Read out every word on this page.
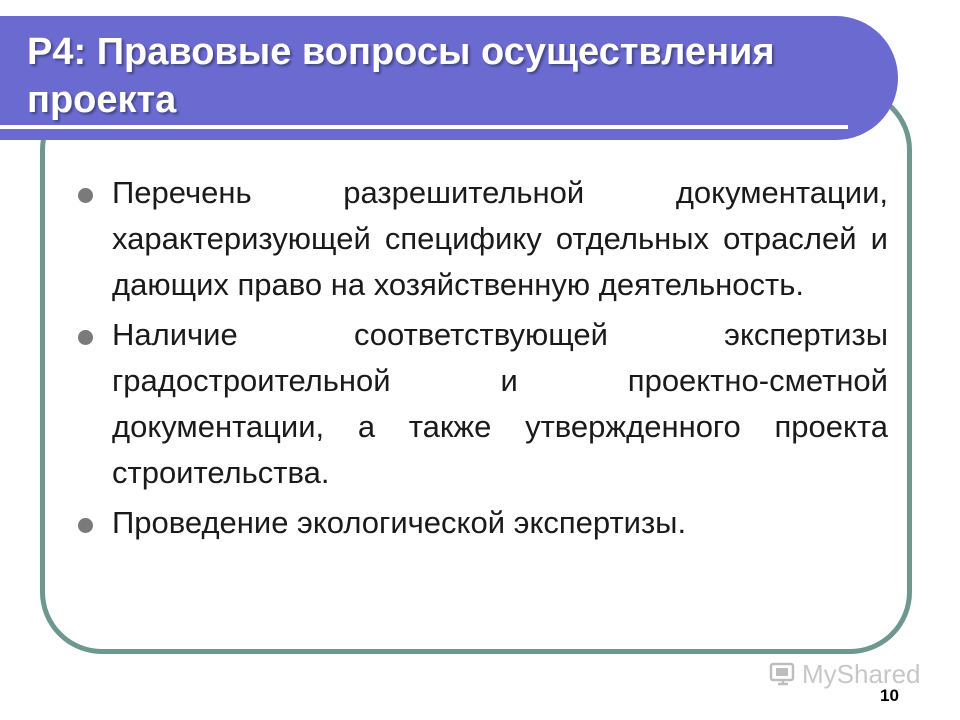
Р4: Правовые вопросы осуществления проекта
Перечень разрешительной документации, характеризующей специфику отдельных отраслей и дающих право на хозяйственную деятельность.
Наличие соответствующей экспертизы градостроительной и проектно-сметной документации, а также утвержденного проекта строительства.
Проведение экологической экспертизы.
MyShared
10
